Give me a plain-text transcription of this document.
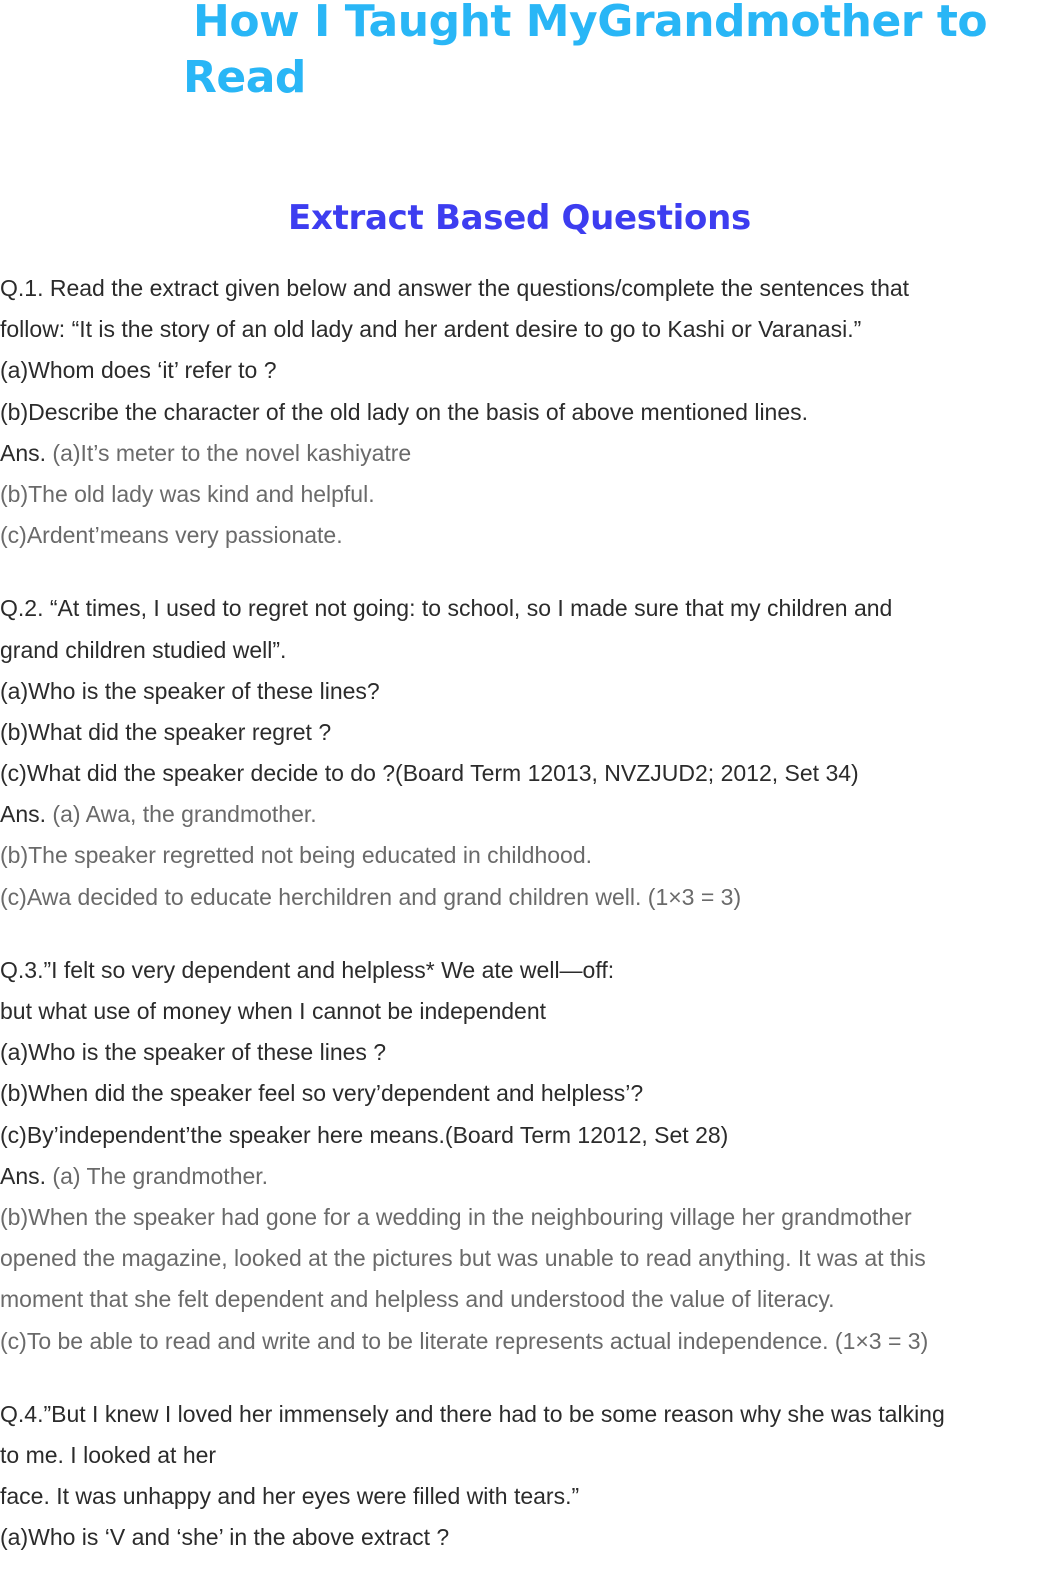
How I Taught MyGrandmother to
Read
Extract Based Questions
Q.1. Read the extract given below and answer the questions/complete the sentences that
follow: “It is the story of an old lady and her ardent desire to go to Kashi or Varanasi.”
(a)Whom does ‘it’ refer to ?
(b)Describe the character of the old lady on the basis of above mentioned lines.
Ans. (a)It’s meter to the novel kashiyatre
(b)The old lady was kind and helpful.
(c)Ardent’means very passionate.
Q.2. “At times, I used to regret not going: to school, so I made sure that my children and
grand children studied well”.
(a)Who is the speaker of these lines?
(b)What did the speaker regret ?
(c)What did the speaker decide to do ?(Board Term 12013, NVZJUD2; 2012, Set 34)
Ans. (a) Awa, the grandmother.
(b)The speaker regretted not being educated in childhood.
(c)Awa decided to educate herchildren and grand children well. (1×3 = 3)
Q.3.”I felt so very dependent and helpless* We ate well—off:
but what use of money when I cannot be independent
(a)Who is the speaker of these lines ?
(b)When did the speaker feel so very’dependent and helpless’?
(c)By’independent’the speaker here means.(Board Term 12012, Set 28)
Ans. (a) The grandmother.
(b)When the speaker had gone for a wedding in the neighbouring village her grandmother
opened the magazine, looked at the pictures but was unable to read anything. It was at this
moment that she felt dependent and helpless and understood the value of literacy.
(c)To be able to read and write and to be literate represents actual independence. (1×3 = 3)
Q.4.”But I knew I loved her immensely and there had to be some reason why she was talking
to me. I looked at her
face. It was unhappy and her eyes were filled with tears.”
(a)Who is ‘V and ‘she’ in the above extract ?
